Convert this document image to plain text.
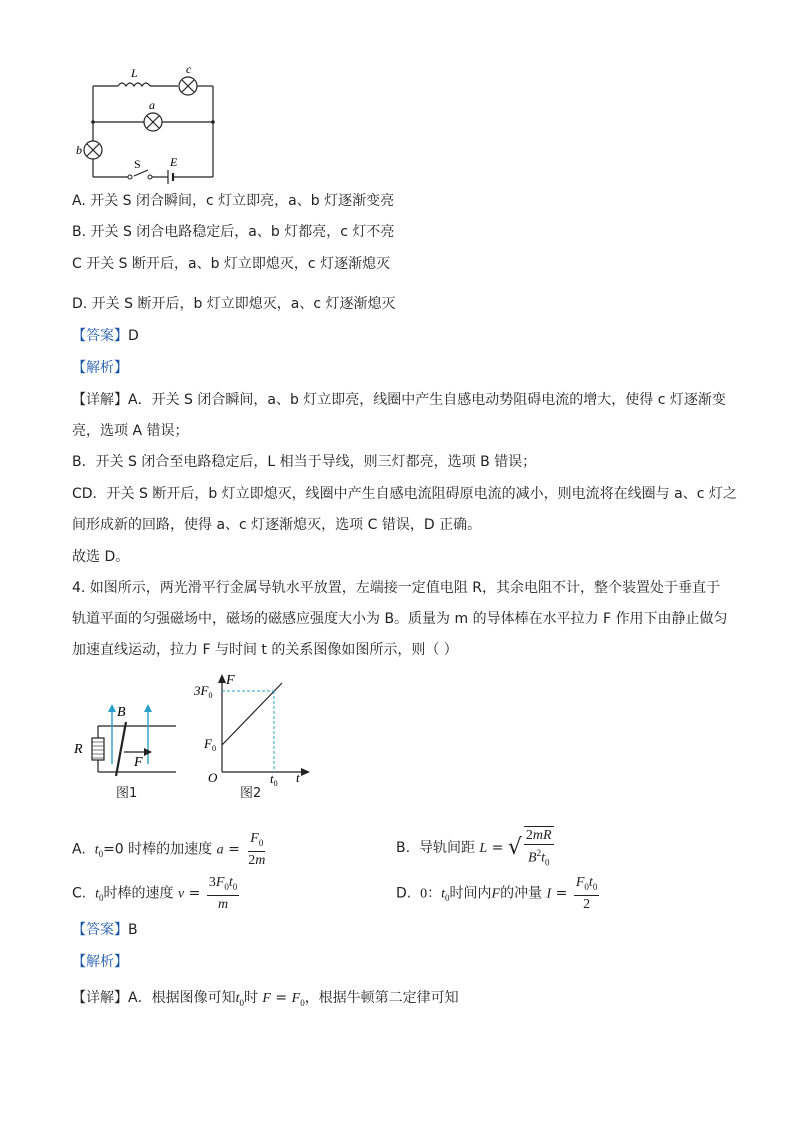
L	c
a
b
S E
A. 开关 S 闭合瞬间，c 灯立即亮，a、b 灯逐渐变亮
B. 开关 S 闭合电路稳定后，a、b 灯都亮，c 灯不亮
C 开关 S 断开后，a、b 灯立即熄灭，c 灯逐渐熄灭
D. 开关 S 断开后，b 灯立即熄灭，a、c 灯逐渐熄灭
【答案】D
【解析】
【详解】A．开关 S 闭合瞬间，a、b 灯立即亮，线圈中产生自感电动势阻碍电流的增大，使得 c 灯逐渐变
亮，选项 A 错误；
B．开关 S 闭合至电路稳定后，L 相当于导线，则三灯都亮，选项 B 错误；
CD．开关 S 断开后，b 灯立即熄灭，线圈中产生自感电流阻碍原电流的减小，则电流将在线圈与 a、c 灯之
间形成新的回路，使得 a、c 灯逐渐熄灭，选项 C 错误，D 正确。
故选 D。
4. 如图所示，两光滑平行金属导轨水平放置，左端接一定值电阻 R，其余电阻不计，整个装置处于垂直于
轨道平面的匀强磁场中，磁场的磁感应强度大小为 B。质量为 m 的导体棒在水平拉力 F 作用下由静止做匀
加速直线运动，拉力 F 与时间 t 的关系图像如图所示，则（ ）
B
R
F
图1
F
$3F_0$
$F_0$
O	$t_0$ t
图2
A. $t_0=0$ 时棒的加速度 $a = \frac{F_0}{2m}$	B. 导轨间距 L = √ $\frac{2mR}{B^2t_0}$
C. $t_0$时棒的速度 $v = \frac{3F_0t_0}{m}$	D. 0：$t_0$时间内F的冲量 $I = \frac{F_0t_0}{2}$
【答案】B
【解析】
【详解】A．根据图像可知$t_0$时 $F = F_0$，根据牛顿第二定律可知
